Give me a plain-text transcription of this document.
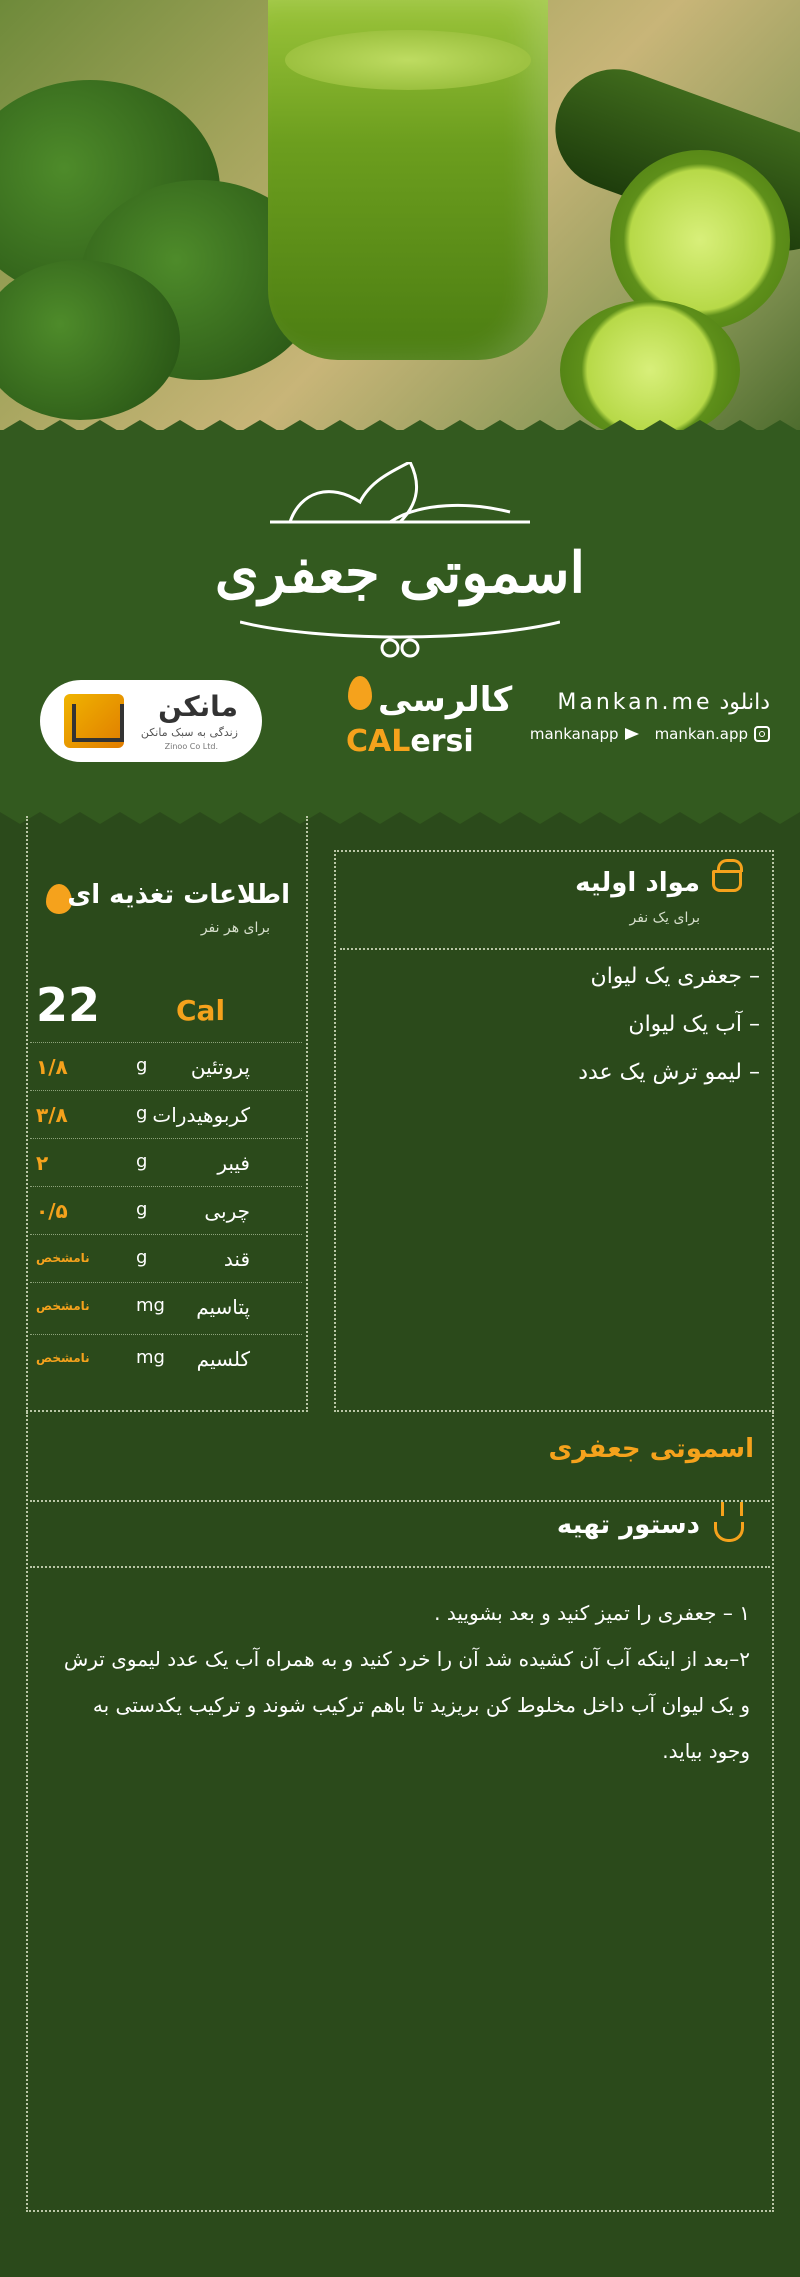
اسموتی جعفری
مانکن
زندگی به سبک مانکن
Zinoo Co Ltd.
کالرسی
CALersi
دانلود Mankan.me
mankan.app
mankanapp
اطلاعات تغذیه ای
برای هر نفر
22	Cal
پروتئین
g
۱/۸
کربوهیدرات
g
۳/۸
فیبر
g
۲
چربی
g
۰/۵
قند
g
نامشخص
پتاسیم
mg
نامشخص
کلسیم
mg
نامشخص
مواد اولیه
برای یک نفر
– جعفری یک لیوان
– آب یک لیوان
– لیمو ترش یک عدد
اسموتی جعفری
دستور تهیه
۱ – جعفری را تمیز کنید و بعد بشویید .
۲–بعد از اینکه آب آن کشیده شد آن را خرد کنید و به همراه آب یک عدد لیموی ترش و یک لیوان آب داخل مخلوط کن بریزید تا باهم ترکیب شوند و ترکیب یکدستی به وجود بیاید.
